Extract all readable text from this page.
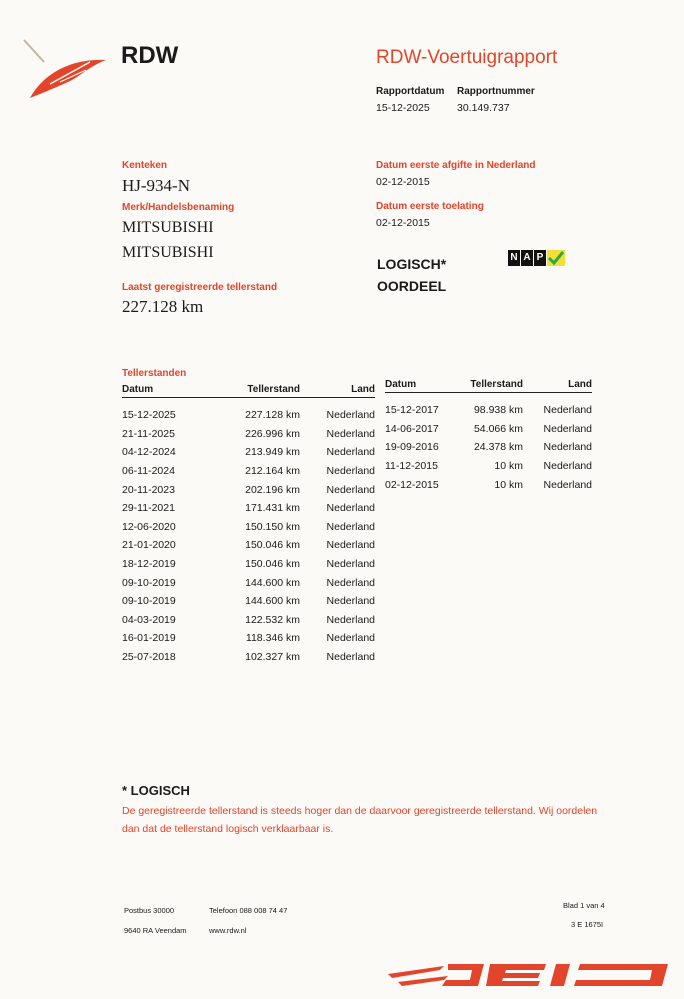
RDW	RDW-Voertuigrapport
Rapportdatum
15-12-2025
Rapportnummer
30.149.737
Kenteken
HJ-934-N
Merk/Handelsbenaming
MITSUBISHI
MITSUBISHI
Laatst geregistreerde tellerstand
227.128 km
Datum eerste afgifte in Nederland
02-12-2015
Datum eerste toelating
02-12-2015
LOGISCH*
OORDEEL
N A P
Tellerstanden
Datum	Tellerstand	Land
15-12-2025	227.128 km	Nederland
21-11-2025	226.996 km	Nederland
04-12-2024	213.949 km	Nederland
06-11-2024	212.164 km	Nederland
20-11-2023	202.196 km	Nederland
29-11-2021	171.431 km	Nederland
12-06-2020	150.150 km	Nederland
21-01-2020	150.046 km	Nederland
18-12-2019	150.046 km	Nederland
09-10-2019	144.600 km	Nederland
09-10-2019	144.600 km	Nederland
04-03-2019	122.532 km	Nederland
16-01-2019	118.346 km	Nederland
25-07-2018	102.327 km	Nederland
Datum	Tellerstand	Land
15-12-2017	98.938 km	Nederland
14-06-2017	54.066 km	Nederland
19-09-2016	24.378 km	Nederland
11-12-2015	10 km	Nederland
02-12-2015	10 km	Nederland
* LOGISCH
De geregistreerde tellerstand is steeds hoger dan de daarvoor geregistreerde tellerstand. Wij oordelen dan dat de tellerstand logisch verklaarbaar is.
Postbus 30000
9640 RA Veendam
Telefoon 088 008 74 47
www.rdw.nl
Blad 1 van 4
3 E 1675I
